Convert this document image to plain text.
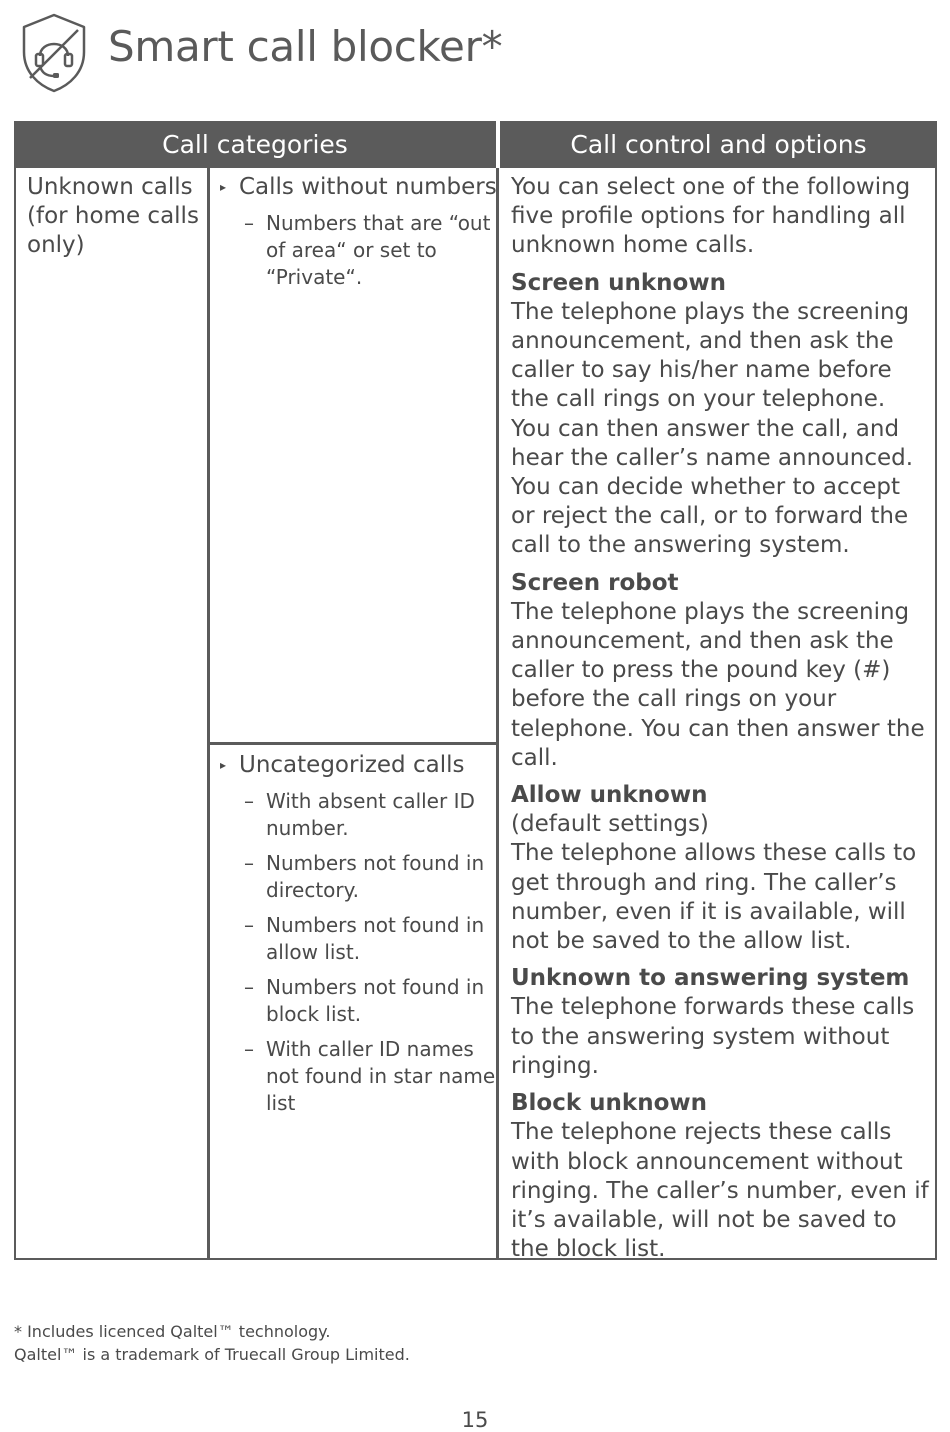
Smart call blocker*
Call categories	Call control and options
Unknown calls (for home calls only)
▸ Calls without numbers
– Numbers that are “out of area“ or set to “Private“.
▸ Uncategorized calls
– With absent caller ID number.
– Numbers not found in directory.
– Numbers not found in allow list.
– Numbers not found in block list.
– With caller ID names not found in star name list

You can select one of the following five profile options for handling all unknown home calls.

Screen unknown
The telephone plays the screening announcement, and then ask the caller to say his/her name before the call rings on your telephone. You can then answer the call, and hear the caller’s name announced. You can decide whether to accept or reject the call, or to forward the call to the answering system.

Screen robot
The telephone plays the screening announcement, and then ask the caller to press the pound key (#) before the call rings on your telephone. You can then answer the call.

Allow unknown
(default settings)
The telephone allows these calls to get through and ring. The caller’s number, even if it is available, will not be saved to the allow list.

Unknown to answering system
The telephone forwards these calls to the answering system without ringing.

Block unknown
The telephone rejects these calls with block announcement without ringing. The caller’s number, even if it’s available, will not be saved to the block list.

* Includes licenced Qaltel™ technology.
Qaltel™ is a trademark of Truecall Group Limited.
15
